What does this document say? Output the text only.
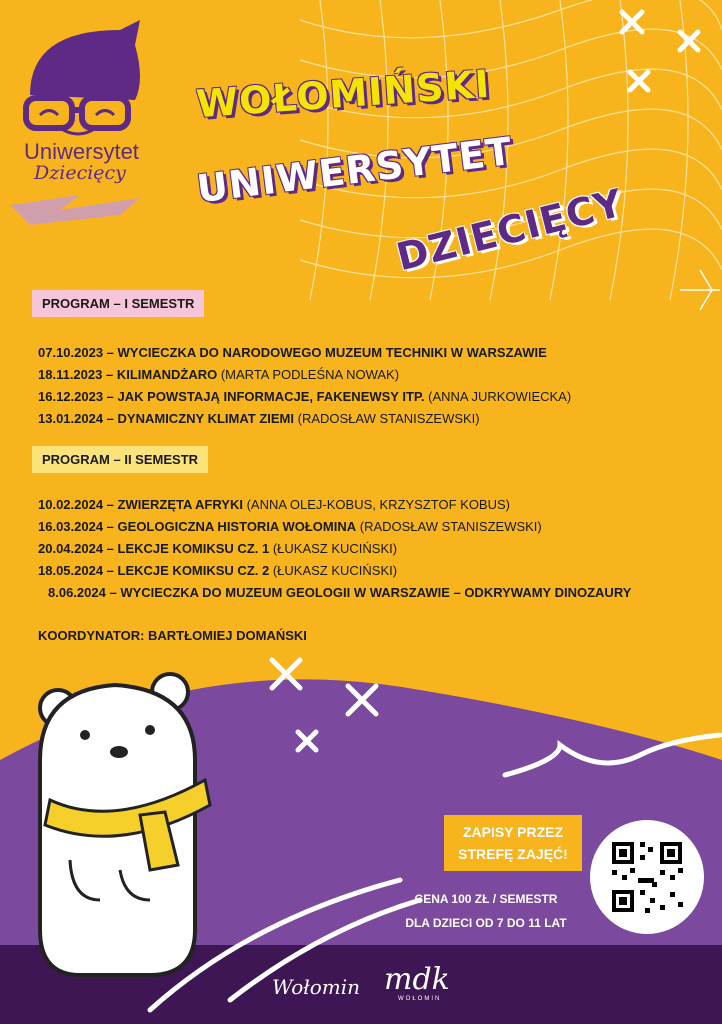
WOŁOMIŃSKI
UNIWERSYTET
DZIECIĘCY
Uniwersytet
Dziecięcy
PROGRAM – I SEMESTR
07.10.2023 – WYCIECZKA DO NARODOWEGO MUZEUM TECHNIKI W WARSZAWIE
18.11.2023 – KILIMANDŻARO (MARTA PODLEŚNA NOWAK)
16.12.2023 – JAK POWSTAJĄ INFORMACJE, FAKENEWSY ITP. (ANNA JURKOWIECKA)
13.01.2024 – DYNAMICZNY KLIMAT ZIEMI (RADOSŁAW STANISZEWSKI)
PROGRAM – II SEMESTR
10.02.2024 – ZWIERZĘTA AFRYKI (ANNA OLEJ-KOBUS, KRZYSZTOF KOBUS)
16.03.2024 – GEOLOGICZNA HISTORIA WOŁOMINA (RADOSŁAW STANISZEWSKI)
20.04.2024 – LEKCJE KOMIKSU CZ. 1 (ŁUKASZ KUCIŃSKI)
18.05.2024 – LEKCJE KOMIKSU CZ. 2 (ŁUKASZ KUCIŃSKI)
8.06.2024 – WYCIECZKA DO MUZEUM GEOLOGII W WARSZAWIE – ODKRYWAMY DINOZAURY
KOORDYNATOR: BARTŁOMIEJ DOMAŃSKI
ZAPISY PRZEZ
STREFĘ ZAJĘĆ!
CENA 100 ZŁ / SEMESTR
DLA DZIECI OD 7 DO 11 LAT
Wołomin mdk
WOŁOMIN
